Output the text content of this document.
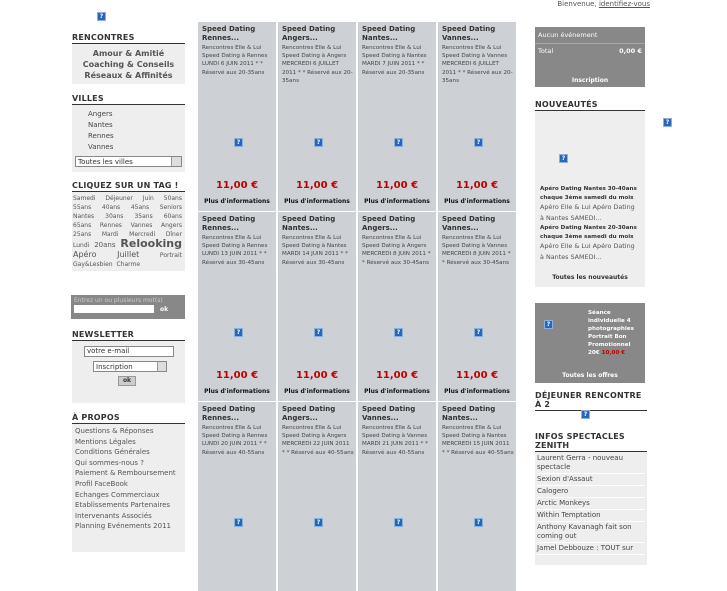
?
?
RENCONTRES
Amour & Amitié
Coaching & Conseils
Réseaux & Affinités
VILLES
Angers
Nantes
Rennes
Vannes
Toutes les villes
CLIQUEZ SUR UN TAG !
Samedi Déjeuner Juin 50ans 55ans 40ans 45ans Seniors Nantes 30ans 35ans 60ans 65ans Rennes Vannes Angers 25ans Mardi Mercredi Dîner Lundi 20ans Relooking Apéro	Juillet	Portrait Gay&Lesbien Charme
Entrez un ou plusieurs mot(s)
ok
NEWSLETTER
votre e-mail
Inscription
ok
À PROPOS
Questions & Réponses
Mentions Légales
Conditions Générales
Qui sommes-nous ?
Paiement & Remboursement
Profil FaceBook
Echanges Commerciaux
Etablissements Partenaires
Intervenants Associés
Planning Evénements 2011
Speed Dating Rennes...
Rencontres Elle & Lui Speed Dating à Rennes LUNDI 6 JUIN 2011 * * Réservé aux 20-35ans
?
11,00 €
Plus d'informations
Speed Dating Angers...
Rencontres Elle & Lui Speed Dating à Angers MERCREDI 6 JUILLET 2011 * * Réservé aux 20-35ans
?
11,00 €
Plus d'informations
Speed Dating Nantes...
Rencontres Elle & Lui Speed Dating à Nantes MARDI 7 JUIN 2011 * * Réservé aux 20-35ans
?
11,00 €
Plus d'informations
Speed Dating Vannes...
Rencontres Elle & Lui Speed Dating à Vannes MERCREDI 6 JUILLET 2011 * * Réservé aux 20-35ans
?
11,00 €
Plus d'informations
Speed Dating Rennes...
Rencontres Elle & Lui Speed Dating à Rennes LUNDI 13 JUIN 2011 * * Réservé aux 30-45ans
?
11,00 €
Plus d'informations
Speed Dating Nantes...
Rencontres Elle & Lui Speed Dating à Nantes MARDI 14 JUIN 2011 * * Réservé aux 30-45ans
?
11,00 €
Plus d'informations
Speed Dating Angers...
Rencontres Elle & Lui Speed Dating à Angers MERCREDI 8 JUIN 2011 * * Réservé aux 30-45ans
?
11,00 €
Plus d'informations
Speed Dating Vannes...
Rencontres Elle & Lui Speed Dating à Vannes MERCREDI 8 JUIN 2011 * * Réservé aux 30-45ans
?
11,00 €
Plus d'informations
Speed Dating Rennes...
Rencontres Elle & Lui Speed Dating à Rennes LUNDI 20 JUIN 2011 * * Réservé aux 40-55ans
?
Speed Dating Angers...
Rencontres Elle & Lui Speed Dating à Angers MERCREDI 22 JUIN 2011 * * Réservé aux 40-55ans
?
Speed Dating Vannes...
Rencontres Elle & Lui Speed Dating à Vannes MARDI 21 JUIN 2011 * * Réservé aux 40-55ans
?
Speed Dating Nantes...
Rencontres Elle & Lui Speed Dating à Nantes MERCREDI 15 JUIN 2011 * * Réservé aux 40-55ans
?
Bienvenue, identifiez-vous
Aucun événement
Total	0,00 €
Inscription
NOUVEAUTÉS
?
Apéro Dating Nantes 30-40ans chaque 3ème samedi du mois
Apéro Elle & Lui Apéro Dating à Nantes SAMEDI...
Apéro Dating Nantes 20-30ans chaque 3ème samedi du mois
Apéro Elle & Lui Apéro Dating à Nantes SAMEDI...
Toutes les nouveautés
?
Séance individuelle 4 photographies Portrait Bon Promotionnel 20€ 10,00 €
Toutes les offres
DÉJEUNER RENCONTRE À 2
?
INFOS SPECTACLES ZENITH
Laurent Gerra - nouveau spectacle
Sexion d'Assaut
Calogero
Arctic Monkeys
Within Temptation
Anthony Kavanagh fait son coming out
Jamel Debbouze : TOUT sur
